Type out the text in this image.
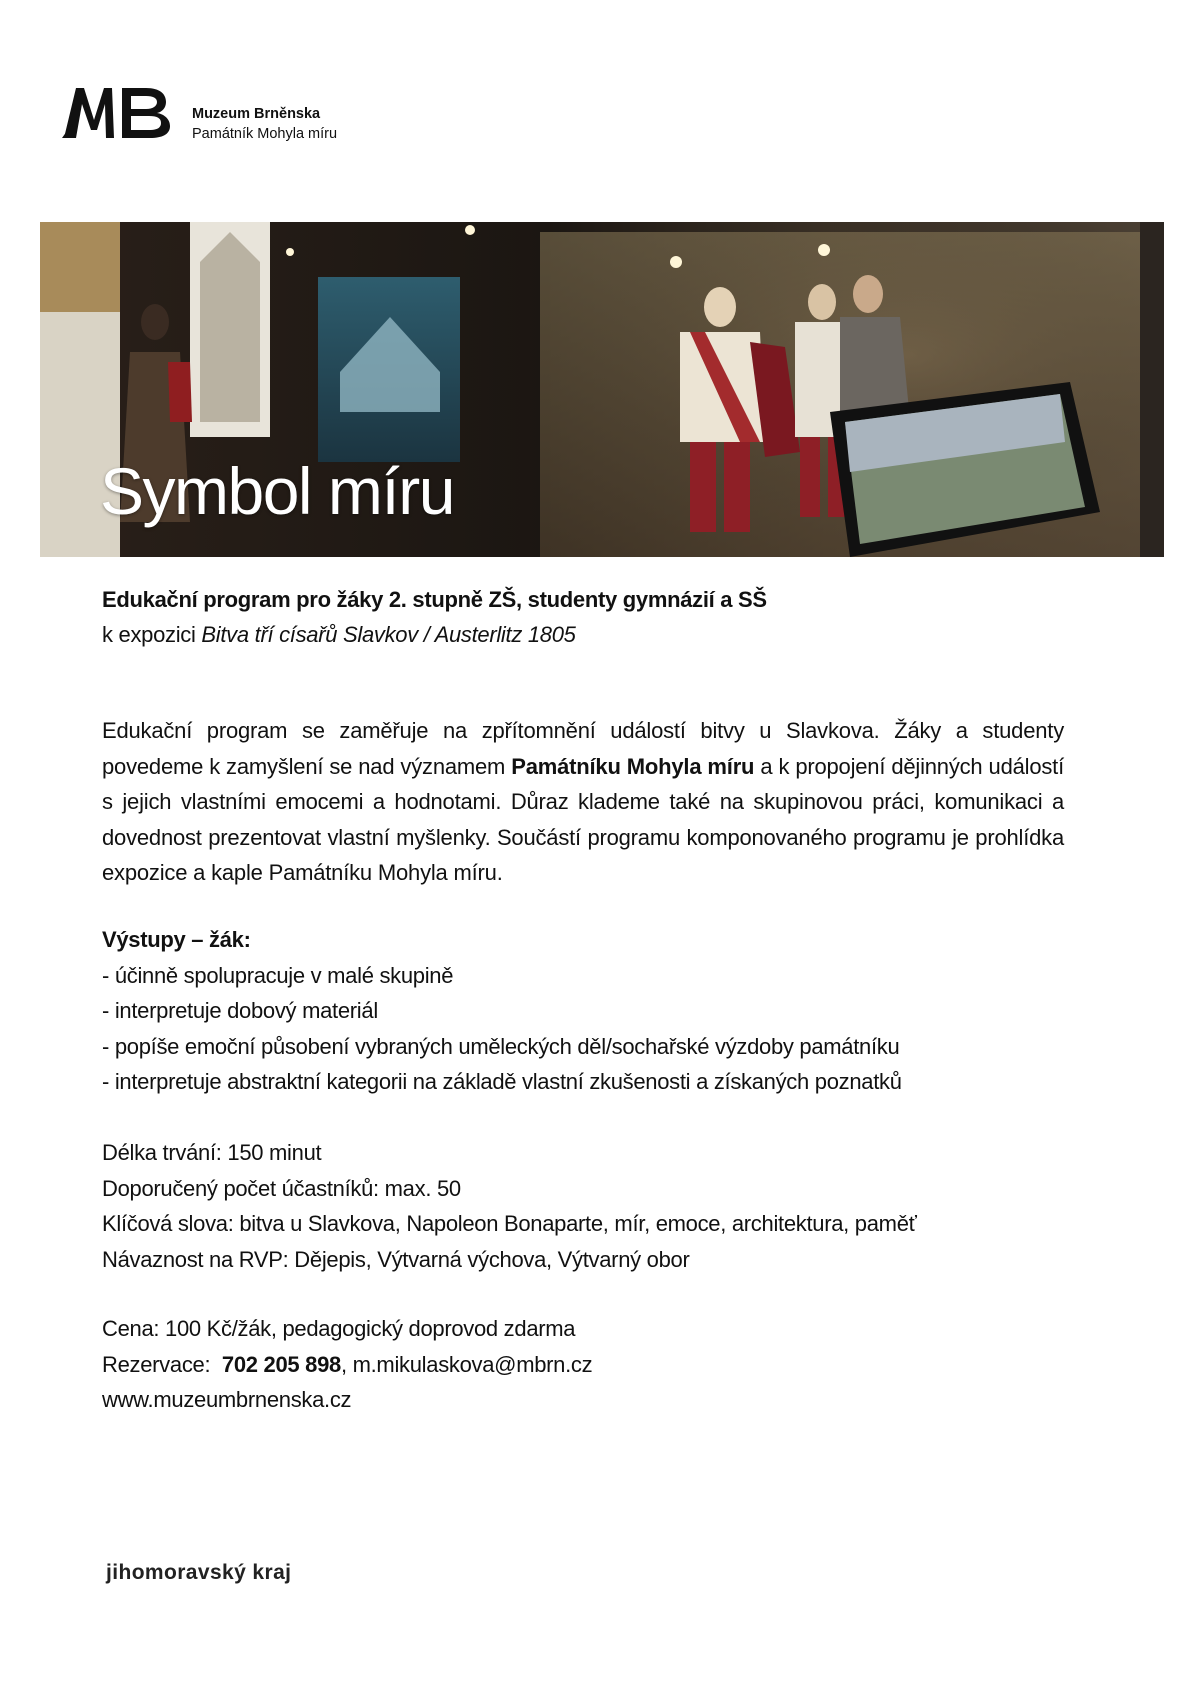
Muzeum Brněnska
Památník Mohyla míru
Symbol míru
Edukační program pro žáky 2. stupně ZŠ, studenty gymnázií a SŠ
k expozici Bitva tří císařů Slavkov / Austerlitz 1805
Edukační program se zaměřuje na zpřítomnění událostí bitvy u Slavkova. Žáky a studenty povedeme k zamyšlení se nad významem Památníku Mohyla míru a k propojení dějinných událostí s jejich vlastními emocemi a hodnotami. Důraz klademe také na skupinovou práci, komunikaci a dovednost prezentovat vlastní myšlenky. Součástí programu komponovaného programu je prohlídka expozice a kaple Památníku Mohyla míru.
Výstupy – žák:
- účinně spolupracuje v malé skupině
- interpretuje dobový materiál
- popíše emoční působení vybraných uměleckých děl/sochařské výzdoby památníku
- interpretuje abstraktní kategorii na základě vlastní zkušenosti a získaných poznatků
Délka trvání: 150 minut
Doporučený počet účastníků: max. 50
Klíčová slova: bitva u Slavkova, Napoleon Bonaparte, mír, emoce, architektura, paměť
Návaznost na RVP: Dějepis, Výtvarná výchova, Výtvarný obor
Cena: 100 Kč/žák, pedagogický doprovod zdarma
Rezervace:  702 205 898, m.mikulaskova@mbrn.cz
www.muzeumbrnenska.cz
jihomoravský kraj
